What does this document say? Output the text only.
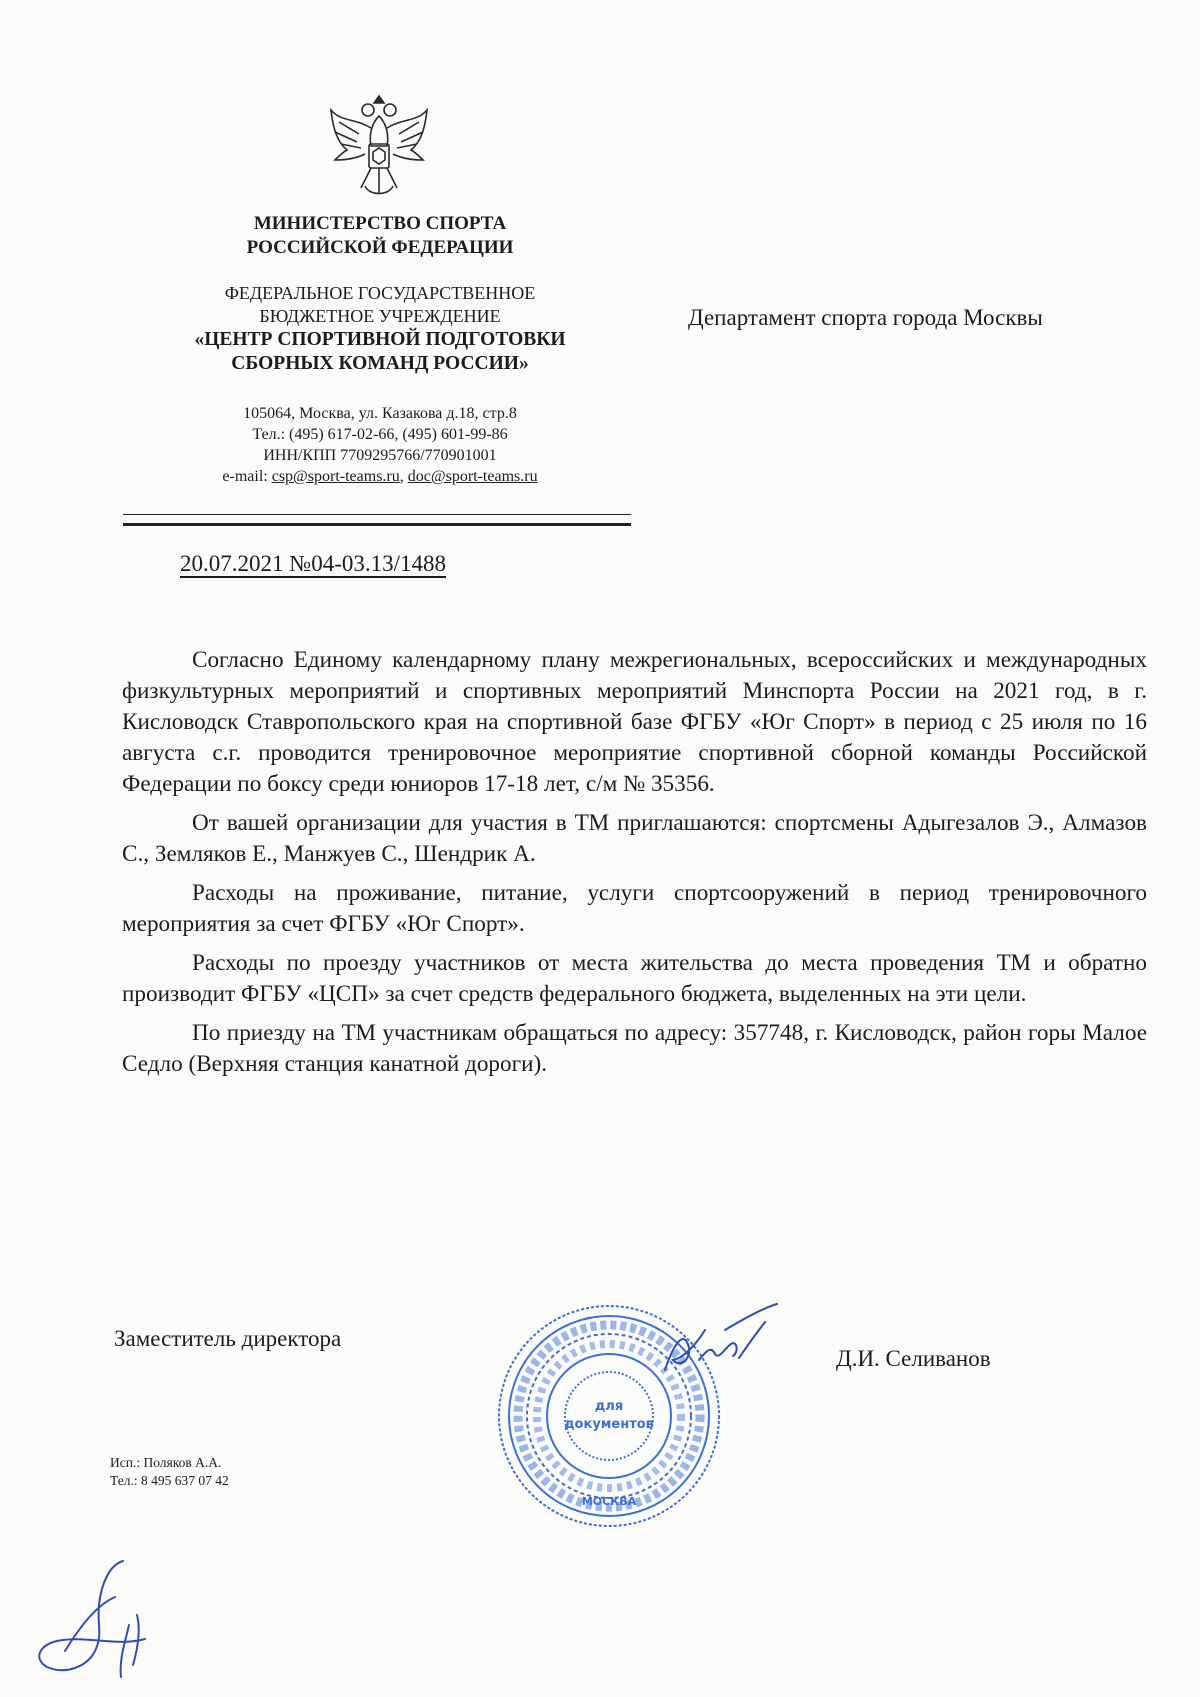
МИНИСТЕРСТВО СПОРТА
РОССИЙСКОЙ ФЕДЕРАЦИИ
ФЕДЕРАЛЬНОЕ ГОСУДАРСТВЕННОЕ
БЮДЖЕТНОЕ УЧРЕЖДЕНИЕ
«ЦЕНТР СПОРТИВНОЙ ПОДГОТОВКИ
СБОРНЫХ КОМАНД РОССИИ»
105064, Москва, ул. Казакова д.18, стр.8
Тел.: (495) 617-02-66, (495) 601-99-86
ИНН/КПП 7709295766/770901001
e-mail: csp@sport-teams.ru, doc@sport-teams.ru
Департамент спорта города Москвы
20.07.2021 №04-03.13/1488

Согласно Единому календарному плану межрегиональных, всероссийских и международных физкультурных мероприятий и спортивных мероприятий Минспорта России на 2021 год, в г. Кисловодск Ставропольского края на спортивной базе ФГБУ «Юг Спорт» в период с 25 июля по 16 августа с.г. проводится тренировочное мероприятие спортивной сборной команды Российской Федерации по боксу среди юниоров 17-18 лет, с/м № 35356.

От вашей организации для участия в ТМ приглашаются: спортсмены Адыгезалов Э., Алмазов С., Земляков Е., Манжуев С., Шендрик А.

Расходы на проживание, питание, услуги спортсооружений в период тренировочного мероприятия за счет ФГБУ «Юг Спорт».

Расходы по проезду участников от места жительства до места проведения ТМ и обратно производит ФГБУ «ЦСП» за счет средств федерального бюджета, выделенных на эти цели.

По приезду на ТМ участникам обращаться по адресу: 357748, г. Кисловодск, район горы Малое Седло (Верхняя станция канатной дороги).

Заместитель директора
для
документов
МОСКВА
Д.И. Селиванов
Исп.: Поляков А.А.
Тел.: 8 495 637 07 42
